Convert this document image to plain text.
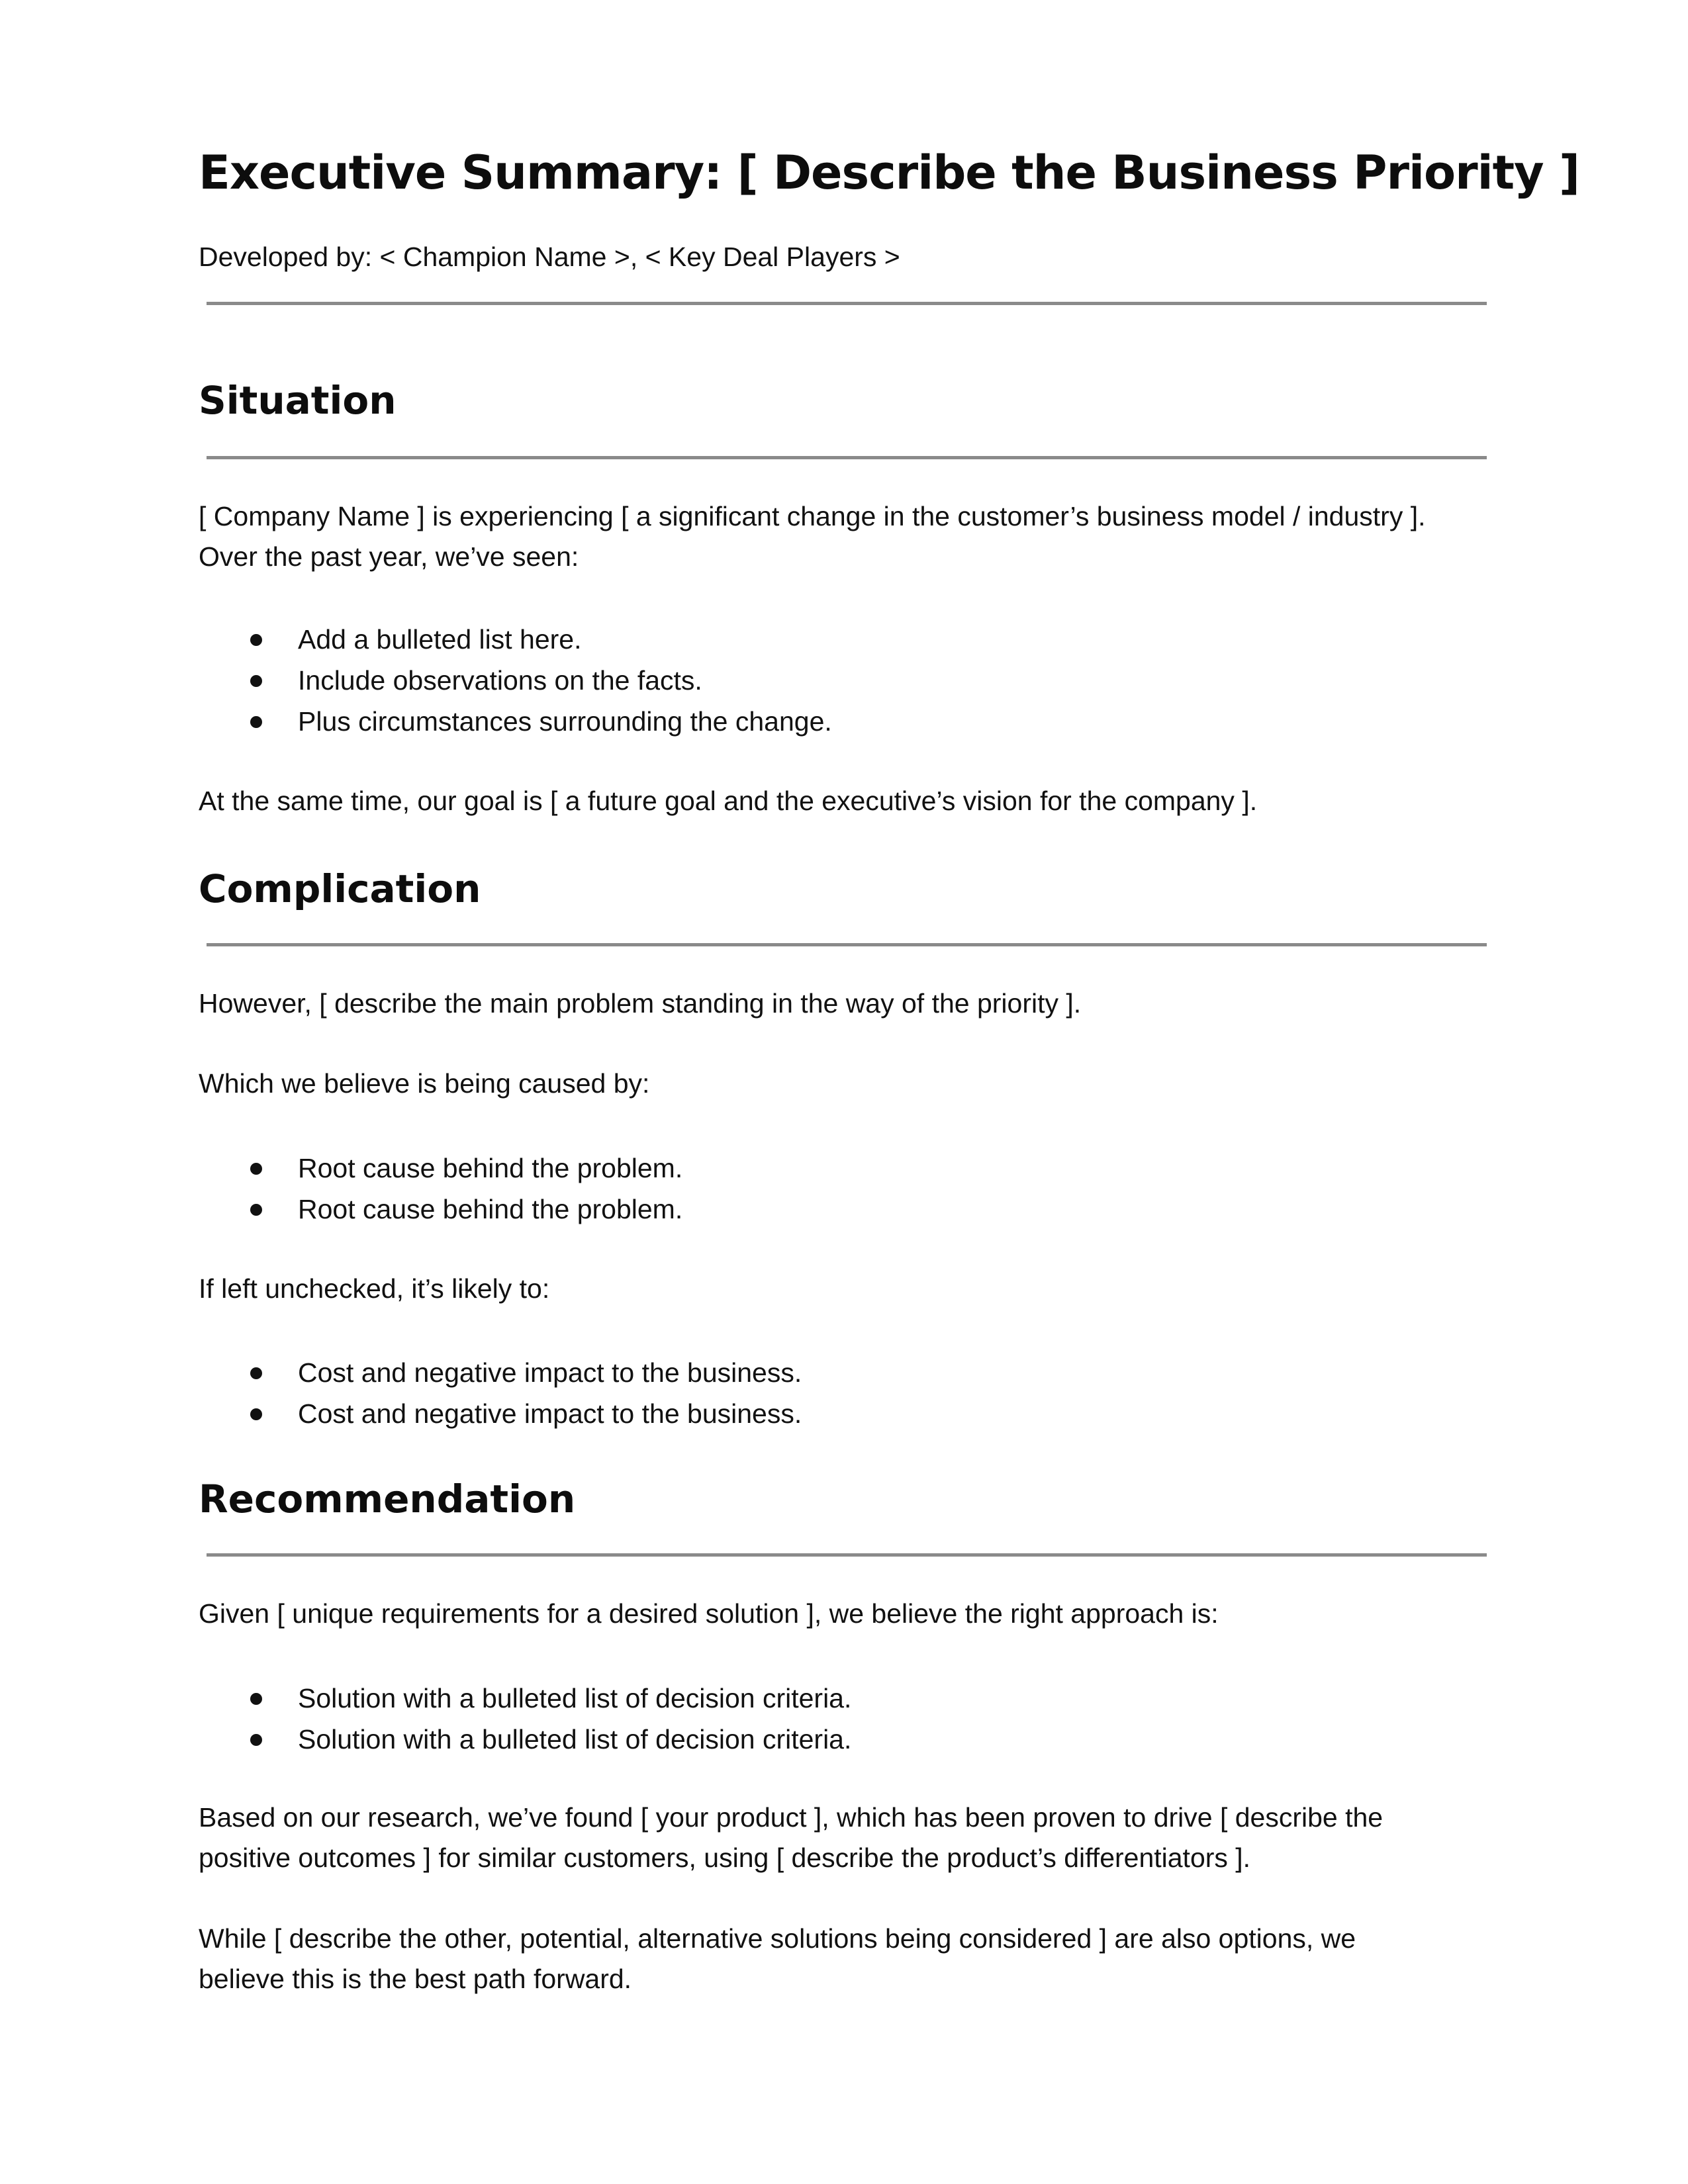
Executive Summary: [ Describe the Business Priority ]
Developed by: < Champion Name >, < Key Deal Players >
Situation
[ Company Name ] is experiencing [ a significant change in the customer’s business model / industry ].
Over the past year, we’ve seen:
Add a bulleted list here.
Include observations on the facts.
Plus circumstances surrounding the change.
At the same time, our goal is [ a future goal and the executive’s vision for the company ].
Complication
However, [ describe the main problem standing in the way of the priority ].
Which we believe is being caused by:
Root cause behind the problem.
Root cause behind the problem.
If left unchecked, it’s likely to:
Cost and negative impact to the business.
Cost and negative impact to the business.
Recommendation
Given [ unique requirements for a desired solution ], we believe the right approach is:
Solution with a bulleted list of decision criteria.
Solution with a bulleted list of decision criteria.
Based on our research, we’ve found [ your product ], which has been proven to drive [ describe the
positive outcomes ] for similar customers, using [ describe the product’s differentiators ].
While [ describe the other, potential, alternative solutions being considered ] are also options, we
believe this is the best path forward.
